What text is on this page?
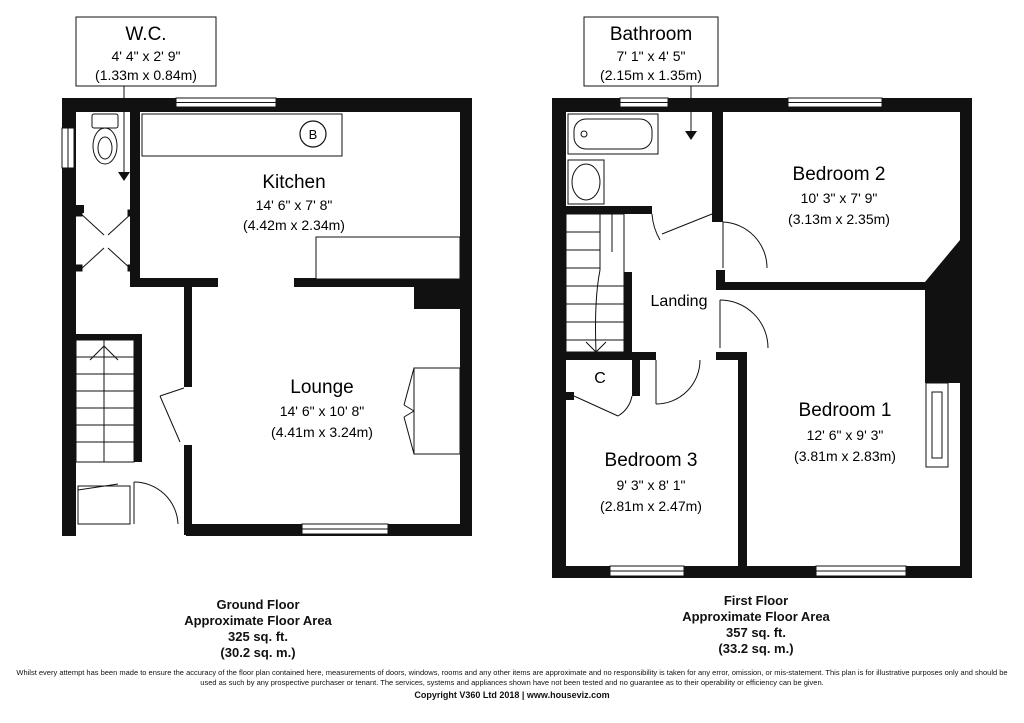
B
Kitchen
14' 6" x 7' 8"
(4.42m x 2.34m)
Lounge
14' 6" x 10' 8"
(4.41m x 3.24m)
W.C.
4' 4" x 2' 9"
(1.33m x 0.84m)
Bedroom 2
10' 3" x 7' 9"
(3.13m x 2.35m)
Landing
C
Bedroom 1
12' 6" x 9' 3"
(3.81m x 2.83m)
Bedroom 3
9' 3" x 8' 1"
(2.81m x 2.47m)
Bathroom
7' 1" x 4' 5"
(2.15m x 1.35m)
Ground Floor
Approximate Floor Area
325 sq. ft.
(30.2 sq. m.)
First Floor
Approximate Floor Area
357 sq. ft.
(33.2 sq. m.)
Whilst every attempt has been made to ensure the accuracy of the floor plan contained here, measurements of doors, windows, rooms and any other items are approximate and no responsibility is taken for any error, omission, or mis-statement. This plan is for illustrative purposes only and should be used as such by any prospective purchaser or tenant. The services, systems and appliances shown have not been tested and no guarantee as to their operability or efficiency can be given.
Copyright V360 Ltd 2018 | www.houseviz.com
